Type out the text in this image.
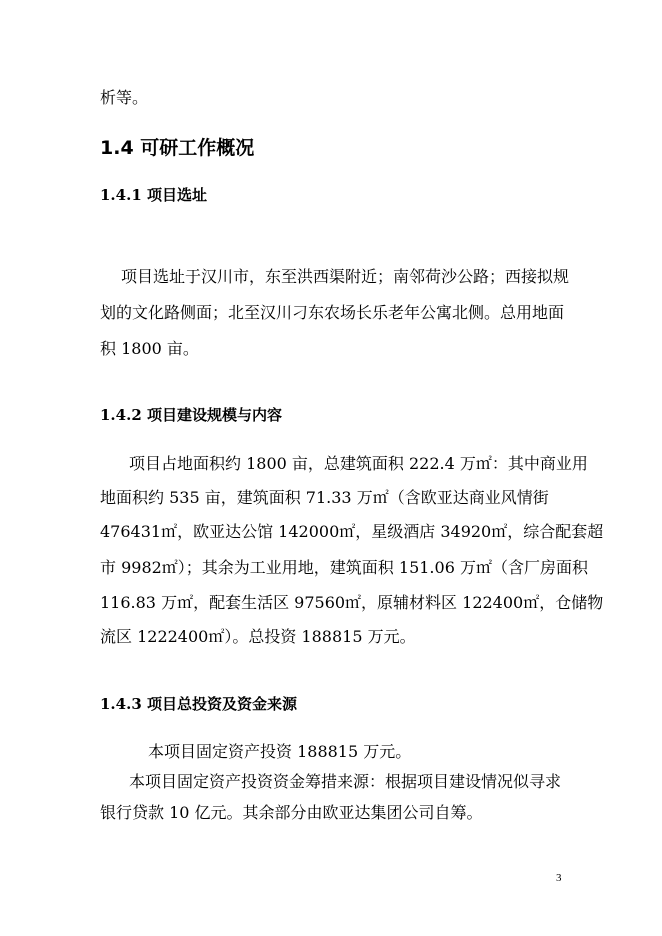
析等。
1.4 可研工作概况
1.4.1 项目选址
项目选址于汉川市，东至洪西渠附近；南邻荷沙公路；西接拟规
划的文化路侧面；北至汉川刁东农场长乐老年公寓北侧。总用地面
积 1800 亩。
1.4.2 项目建设规模与内容
项目占地面积约 1800 亩，总建筑面积 222.4 万㎡：其中商业用
地面积约 535 亩，建筑面积 71.33 万㎡（含欧亚达商业风情街
476431㎡，欧亚达公馆 142000㎡，星级酒店 34920㎡，综合配套超
市 9982㎡）；其余为工业用地，建筑面积 151.06 万㎡（含厂房面积
116.83 万㎡，配套生活区 97560㎡，原辅材料区 122400㎡，仓储物
流区 1222400㎡）。总投资 188815 万元。
1.4.3 项目总投资及资金来源
本项目固定资产投资 188815 万元。
本项目固定资产投资资金筹措来源：根据项目建设情况似寻求
银行贷款 10 亿元。其余部分由欧亚达集团公司自筹。
3
